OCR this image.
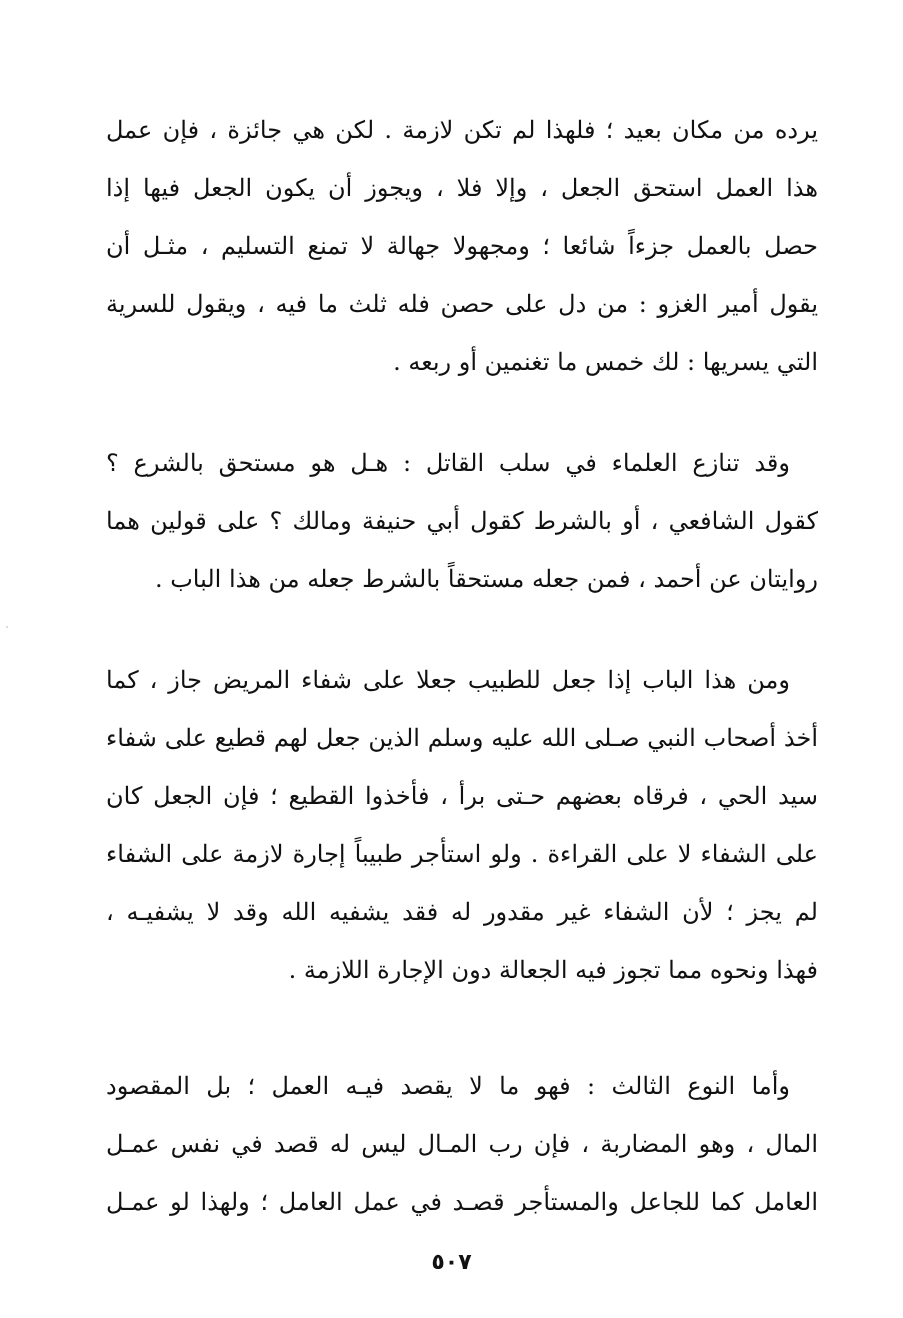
يرده من مكان بعيد ؛ فلهذا لم تكن لازمة . لكن هي جائزة ، فإن عمل
هذا العمل استحق الجعل ، وإلا فلا ، ويجوز أن يكون الجعل فيها إذا
حصل بالعمل جزءاً شائعا ؛ ومجهولا جهالة لا تمنع التسليم ، مثـل أن
يقول أمير الغزو : من دل على حصن فله ثلث ما فيه ، ويقول للسرية
التي يسريها : لك خمس ما تغنمين أو ربعه .
وقد تنازع العلماء في سلب القاتل : هـل هو مستحق بالشرع ؟
كقول الشافعي ، أو بالشرط كقول أبي حنيفة ومالك ؟ على قولين هما
روايتان عن أحمد ، فمن جعله مستحقاً بالشرط جعله من هذا الباب .
ومن هذا الباب إذا جعل للطبيب جعلا على شفاء المريض جاز ، كما
أخذ أصحاب النبي صـلى الله عليه وسلم الذين جعل لهم قطيع على شفاء
سيد الحي ، فرقاه بعضهم حـتى برأ ، فأخذوا القطيع ؛ فإن الجعل كان
على الشفاء لا على القراءة . ولو استأجر طبيباً إجارة لازمة على الشفاء
لم يجز ؛ لأن الشفاء غير مقدور له فقد يشفيه الله وقد لا يشفيـه ،
فهذا ونحوه مما تجوز فيه الجعالة دون الإجارة اللازمة .
وأما النوع الثالث : فهو ما لا يقصد فيـه العمل ؛ بل المقصود
المال ، وهو المضاربة ، فإن رب المـال ليس له قصد في نفس عمـل
العامل كما للجاعل والمستأجر قصـد في عمل العامل ؛ ولهذا لو عمـل
٥٠٧
